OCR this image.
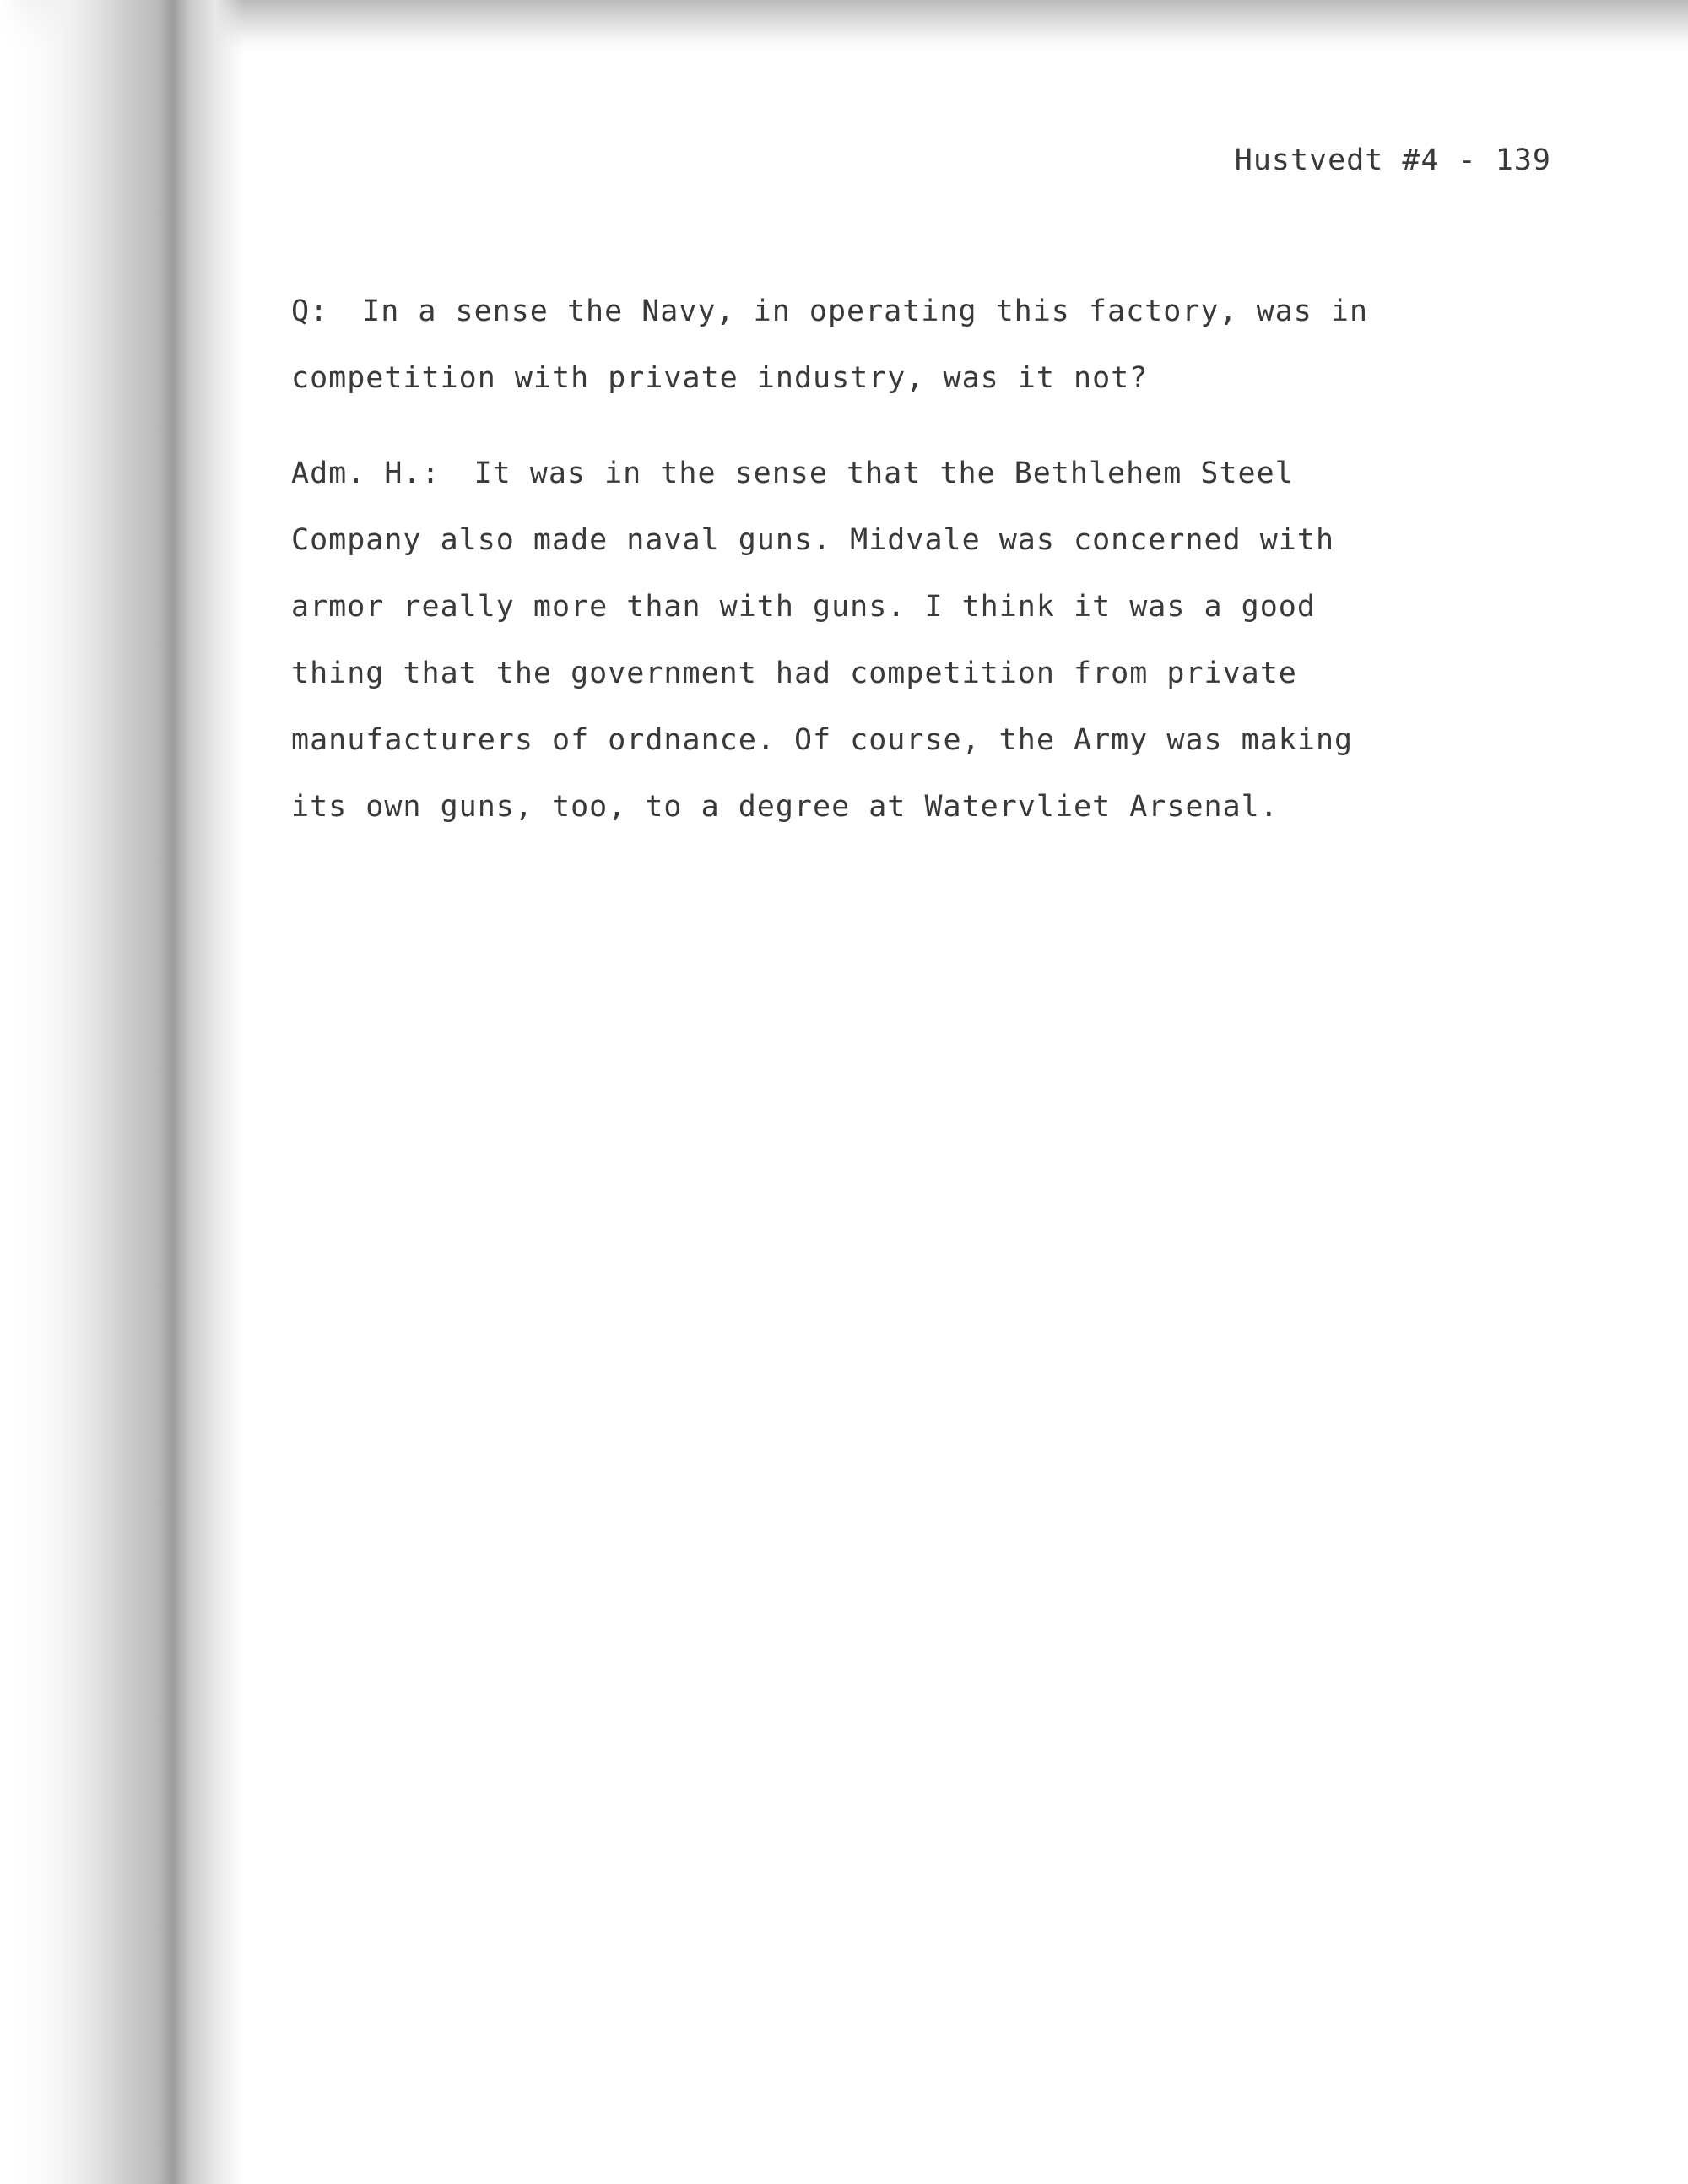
Hustvedt #4 - 139

Q: In a sense the Navy, in operating this factory, was in
competition with private industry, was it not?

Adm. H.: It was in the sense that the Bethlehem Steel
Company also made naval guns. Midvale was concerned with
armor really more than with guns. I think it was a good
thing that the government had competition from private
manufacturers of ordnance. Of course, the Army was making
its own guns, too, to a degree at Watervliet Arsenal.
